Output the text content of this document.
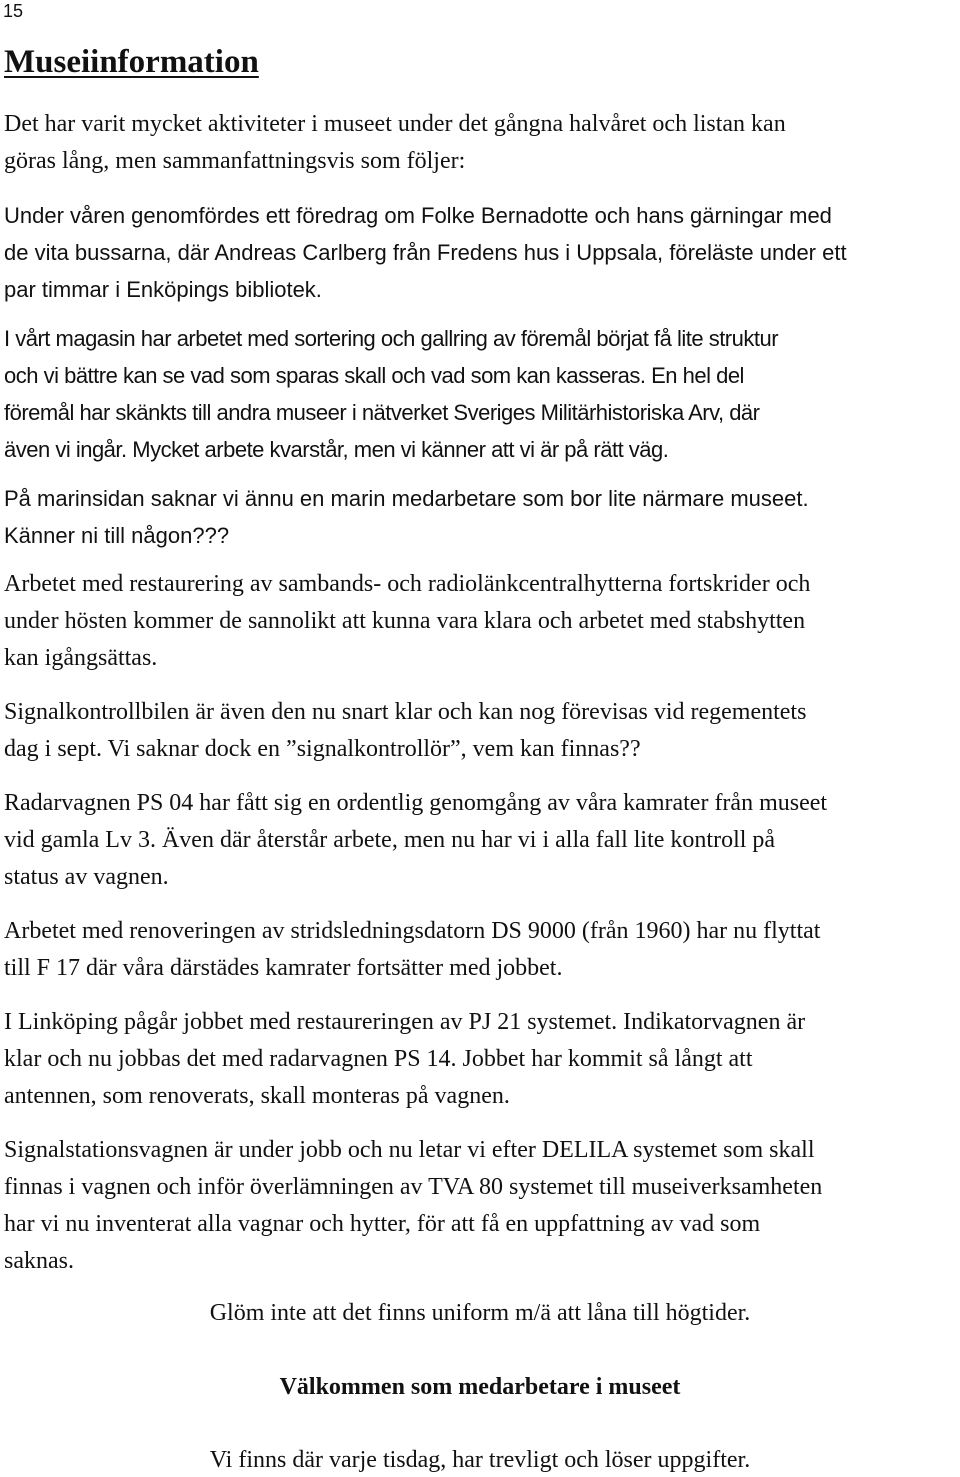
15
Museiinformation

Det har varit mycket aktiviteter i museet under det gångna halvåret och listan kan
göras lång, men sammanfattningsvis som följer:

Under våren genomfördes ett föredrag om Folke Bernadotte och hans gärningar med
de vita bussarna, där Andreas Carlberg från Fredens hus i Uppsala, föreläste under ett
par timmar i Enköpings bibliotek.

I vårt magasin har arbetet med sortering och gallring av föremål börjat få lite struktur
och vi bättre kan se vad som sparas skall och vad som kan kasseras. En hel del
föremål har skänkts till andra museer i nätverket Sveriges Militärhistoriska Arv, där
även vi ingår. Mycket arbete kvarstår, men vi känner att vi är på rätt väg.

På marinsidan saknar vi ännu en marin medarbetare som bor lite närmare museet.
Känner ni till någon???

Arbetet med restaurering av sambands- och radiolänkcentralhytterna fortskrider och
under hösten kommer de sannolikt att kunna vara klara och arbetet med stabshytten
kan igångsättas.

Signalkontrollbilen är även den nu snart klar och kan nog förevisas vid regementets
dag i sept. Vi saknar dock en ”signalkontrollör”, vem kan finnas??

Radarvagnen PS 04 har fått sig en ordentlig genomgång av våra kamrater från museet
vid gamla Lv 3. Även där återstår arbete, men nu har vi i alla fall lite kontroll på
status av vagnen.

Arbetet med renoveringen av stridsledningsdatorn DS 9000 (från 1960) har nu flyttat
till F 17 där våra därstädes kamrater fortsätter med jobbet.

I Linköping pågår jobbet med restaureringen av PJ 21 systemet. Indikatorvagnen är
klar och nu jobbas det med radarvagnen PS 14. Jobbet har kommit så långt att
antennen, som renoverats, skall monteras på vagnen.

Signalstationsvagnen är under jobb och nu letar vi efter DELILA systemet som skall
finnas i vagnen och inför överlämningen av TVA 80 systemet till museiverksamheten
har vi nu inventerat alla vagnar och hytter, för att få en uppfattning av vad som
saknas.

Glöm inte att det finns uniform m/ä att låna till högtider.
Välkommen som medarbetare i museet
Vi finns där varje tisdag, har trevligt och löser uppgifter.
